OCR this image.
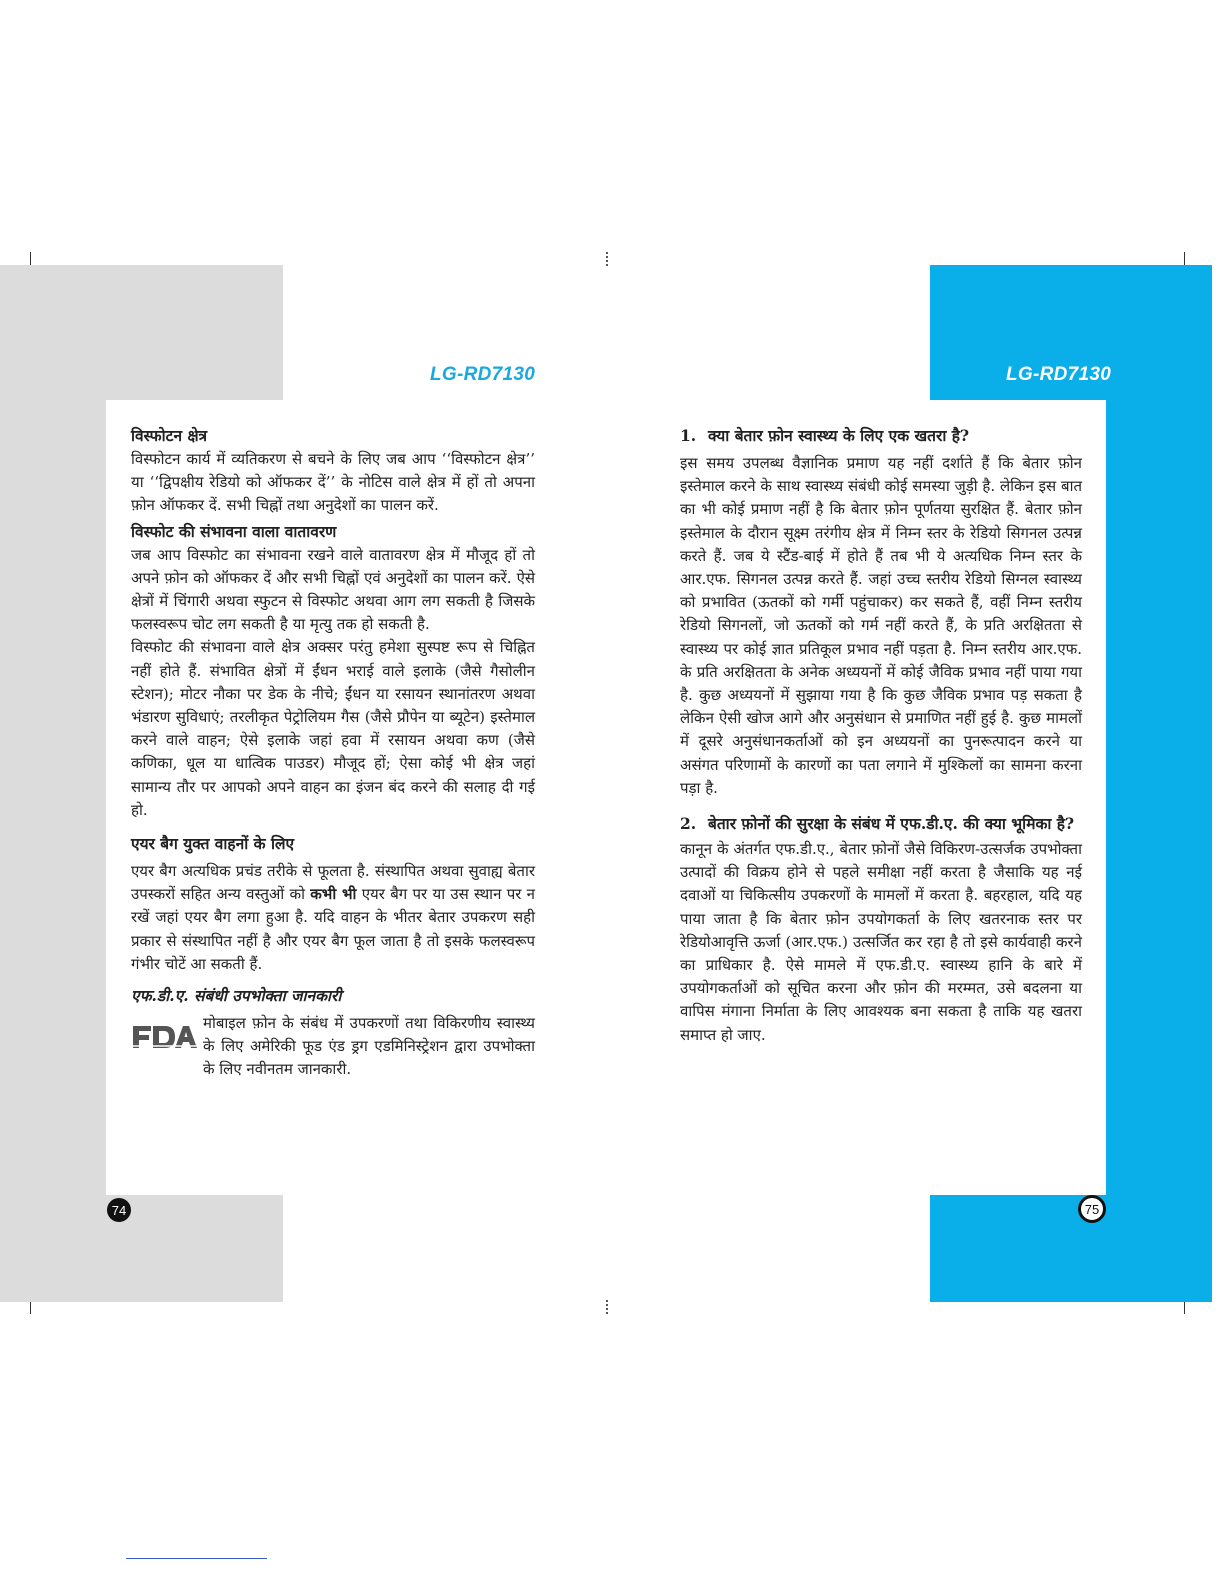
LG-RD7130	LG-RD7130
विस्फोटन क्षेत्र

विस्फोटन कार्य में व्यतिकरण से बचने के लिए जब आप ‘‘विस्फोटन क्षेत्र’’ या ‘‘द्विपक्षीय रेडियो को ऑफकर दें’’ के नोटिस वाले क्षेत्र में हों तो अपना फ़ोन ऑफकर दें. सभी चिह्नों तथा अनुदेशों का पालन करें.

विस्फोट की संभावना वाला वातावरण

जब आप विस्फोट का संभावना रखने वाले वातावरण क्षेत्र में मौजूद हों तो अपने फ़ोन को ऑफकर दें और सभी चिह्नों एवं अनुदेशों का पालन करें. ऐसे क्षेत्रों में चिंगारी अथवा स्फुटन से विस्फोट अथवा आग लग सकती है जिसके फलस्वरूप चोट लग सकती है या मृत्यु तक हो सकती है.

विस्फोट की संभावना वाले क्षेत्र अक्सर परंतु हमेशा सुस्पष्ट रूप से चिह्नित नहीं होते हैं. संभावित क्षेत्रों में ईंधन भराई वाले इलाके (जैसे गैसोलीन स्टेशन); मोटर नौका पर डेक के नीचे; ईंधन या रसायन स्थानांतरण अथवा भंडारण सुविधाएं; तरलीकृत पेट्रोलियम गैस (जैसे प्रौपेन या ब्यूटेन) इस्तेमाल करने वाले वाहन; ऐसे इलाके जहां हवा में रसायन अथवा कण (जैसे कणिका, धूल या धात्विक पाउडर) मौजूद हों; ऐसा कोई भी क्षेत्र जहां सामान्य तौर पर आपको अपने वाहन का इंजन बंद करने की सलाह दी गई हो.

एयर बैग युक्त वाहनों के लिए

एयर बैग अत्यधिक प्रचंड तरीके से फूलता है. संस्थापित अथवा सुवाह्य बेतार उपस्करों सहित अन्य वस्तुओं को कभी भी एयर बैग पर या उस स्थान पर न रखें जहां एयर बैग लगा हुआ है. यदि वाहन के भीतर बेतार उपकरण सही प्रकार से संस्थापित नहीं है और एयर बैग फूल जाता है तो इसके फलस्वरूप गंभीर चोटें आ सकती हैं.

एफ.डी.ए. संबंधी उपभोक्ता जानकारी

मोबाइल फ़ोन के संबंध में उपकरणों तथा विकिरणीय स्वास्थ्य के लिए अमेरिकी फूड एंड ड्रग एडमिनिस्ट्रेशन द्वारा उपभोक्ता के लिए नवीनतम जानकारी.

1. क्या बेतार फ़ोन स्वास्थ्य के लिए एक खतरा है?

इस समय उपलब्ध वैज्ञानिक प्रमाण यह नहीं दर्शाते हैं कि बेतार फ़ोन इस्तेमाल करने के साथ स्वास्थ्य संबंधी कोई समस्या जुड़ी है. लेकिन इस बात का भी कोई प्रमाण नहीं है कि बेतार फ़ोन पूर्णतया सुरक्षित हैं. बेतार फ़ोन इस्तेमाल के दौरान सूक्ष्म तरंगीय क्षेत्र में निम्न स्तर के रेडियो सिगनल उत्पन्न करते हैं. जब ये स्टैंड-बाई में होते हैं तब भी ये अत्यधिक निम्न स्तर के आर.एफ. सिगनल उत्पन्न करते हैं. जहां उच्च स्तरीय रेडियो सिग्नल स्वास्थ्य को प्रभावित (ऊतकों को गर्मी पहुंचाकर) कर सकते हैं, वहीं निम्न स्तरीय रेडियो सिगनलों, जो ऊतकों को गर्म नहीं करते हैं, के प्रति अरक्षितता से स्वास्थ्य पर कोई ज्ञात प्रतिकूल प्रभाव नहीं पड़ता है. निम्न स्तरीय आर.एफ. के प्रति अरक्षितता के अनेक अध्ययनों में कोई जैविक प्रभाव नहीं पाया गया है. कुछ अध्ययनों में सुझाया गया है कि कुछ जैविक प्रभाव पड़ सकता है लेकिन ऐसी खोज आगे और अनुसंधान से प्रमाणित नहीं हुई है. कुछ मामलों में दूसरे अनुसंधानकर्ताओं को इन अध्ययनों का पुनरूत्पादन करने या असंगत परिणामों के कारणों का पता लगाने में मुश्किलों का सामना करना पड़ा है.

2. बेतार फ़ोनों की सुरक्षा के संबंध में एफ.डी.ए. की क्या भूमिका है?

कानून के अंतर्गत एफ.डी.ए., बेतार फ़ोनों जैसे विकिरण-उत्सर्जक उपभोक्ता उत्पादों की विक्रय होने से पहले समीक्षा नहीं करता है जैसाकि यह नई दवाओं या चिकित्सीय उपकरणों के मामलों में करता है. बहरहाल, यदि यह पाया जाता है कि बेतार फ़ोन उपयोगकर्ता के लिए खतरनाक स्तर पर रेडियोआवृत्ति ऊर्जा (आर.एफ.) उत्सर्जित कर रहा है तो इसे कार्यवाही करने का प्राधिकार है. ऐसे मामले में एफ.डी.ए. स्वास्थ्य हानि के बारे में उपयोगकर्ताओं को सूचित करना और फ़ोन की मरम्मत, उसे बदलना या वापिस मंगाना निर्माता के लिए आवश्यक बना सकता है ताकि यह खतरा समाप्त हो जाए.

74	75
